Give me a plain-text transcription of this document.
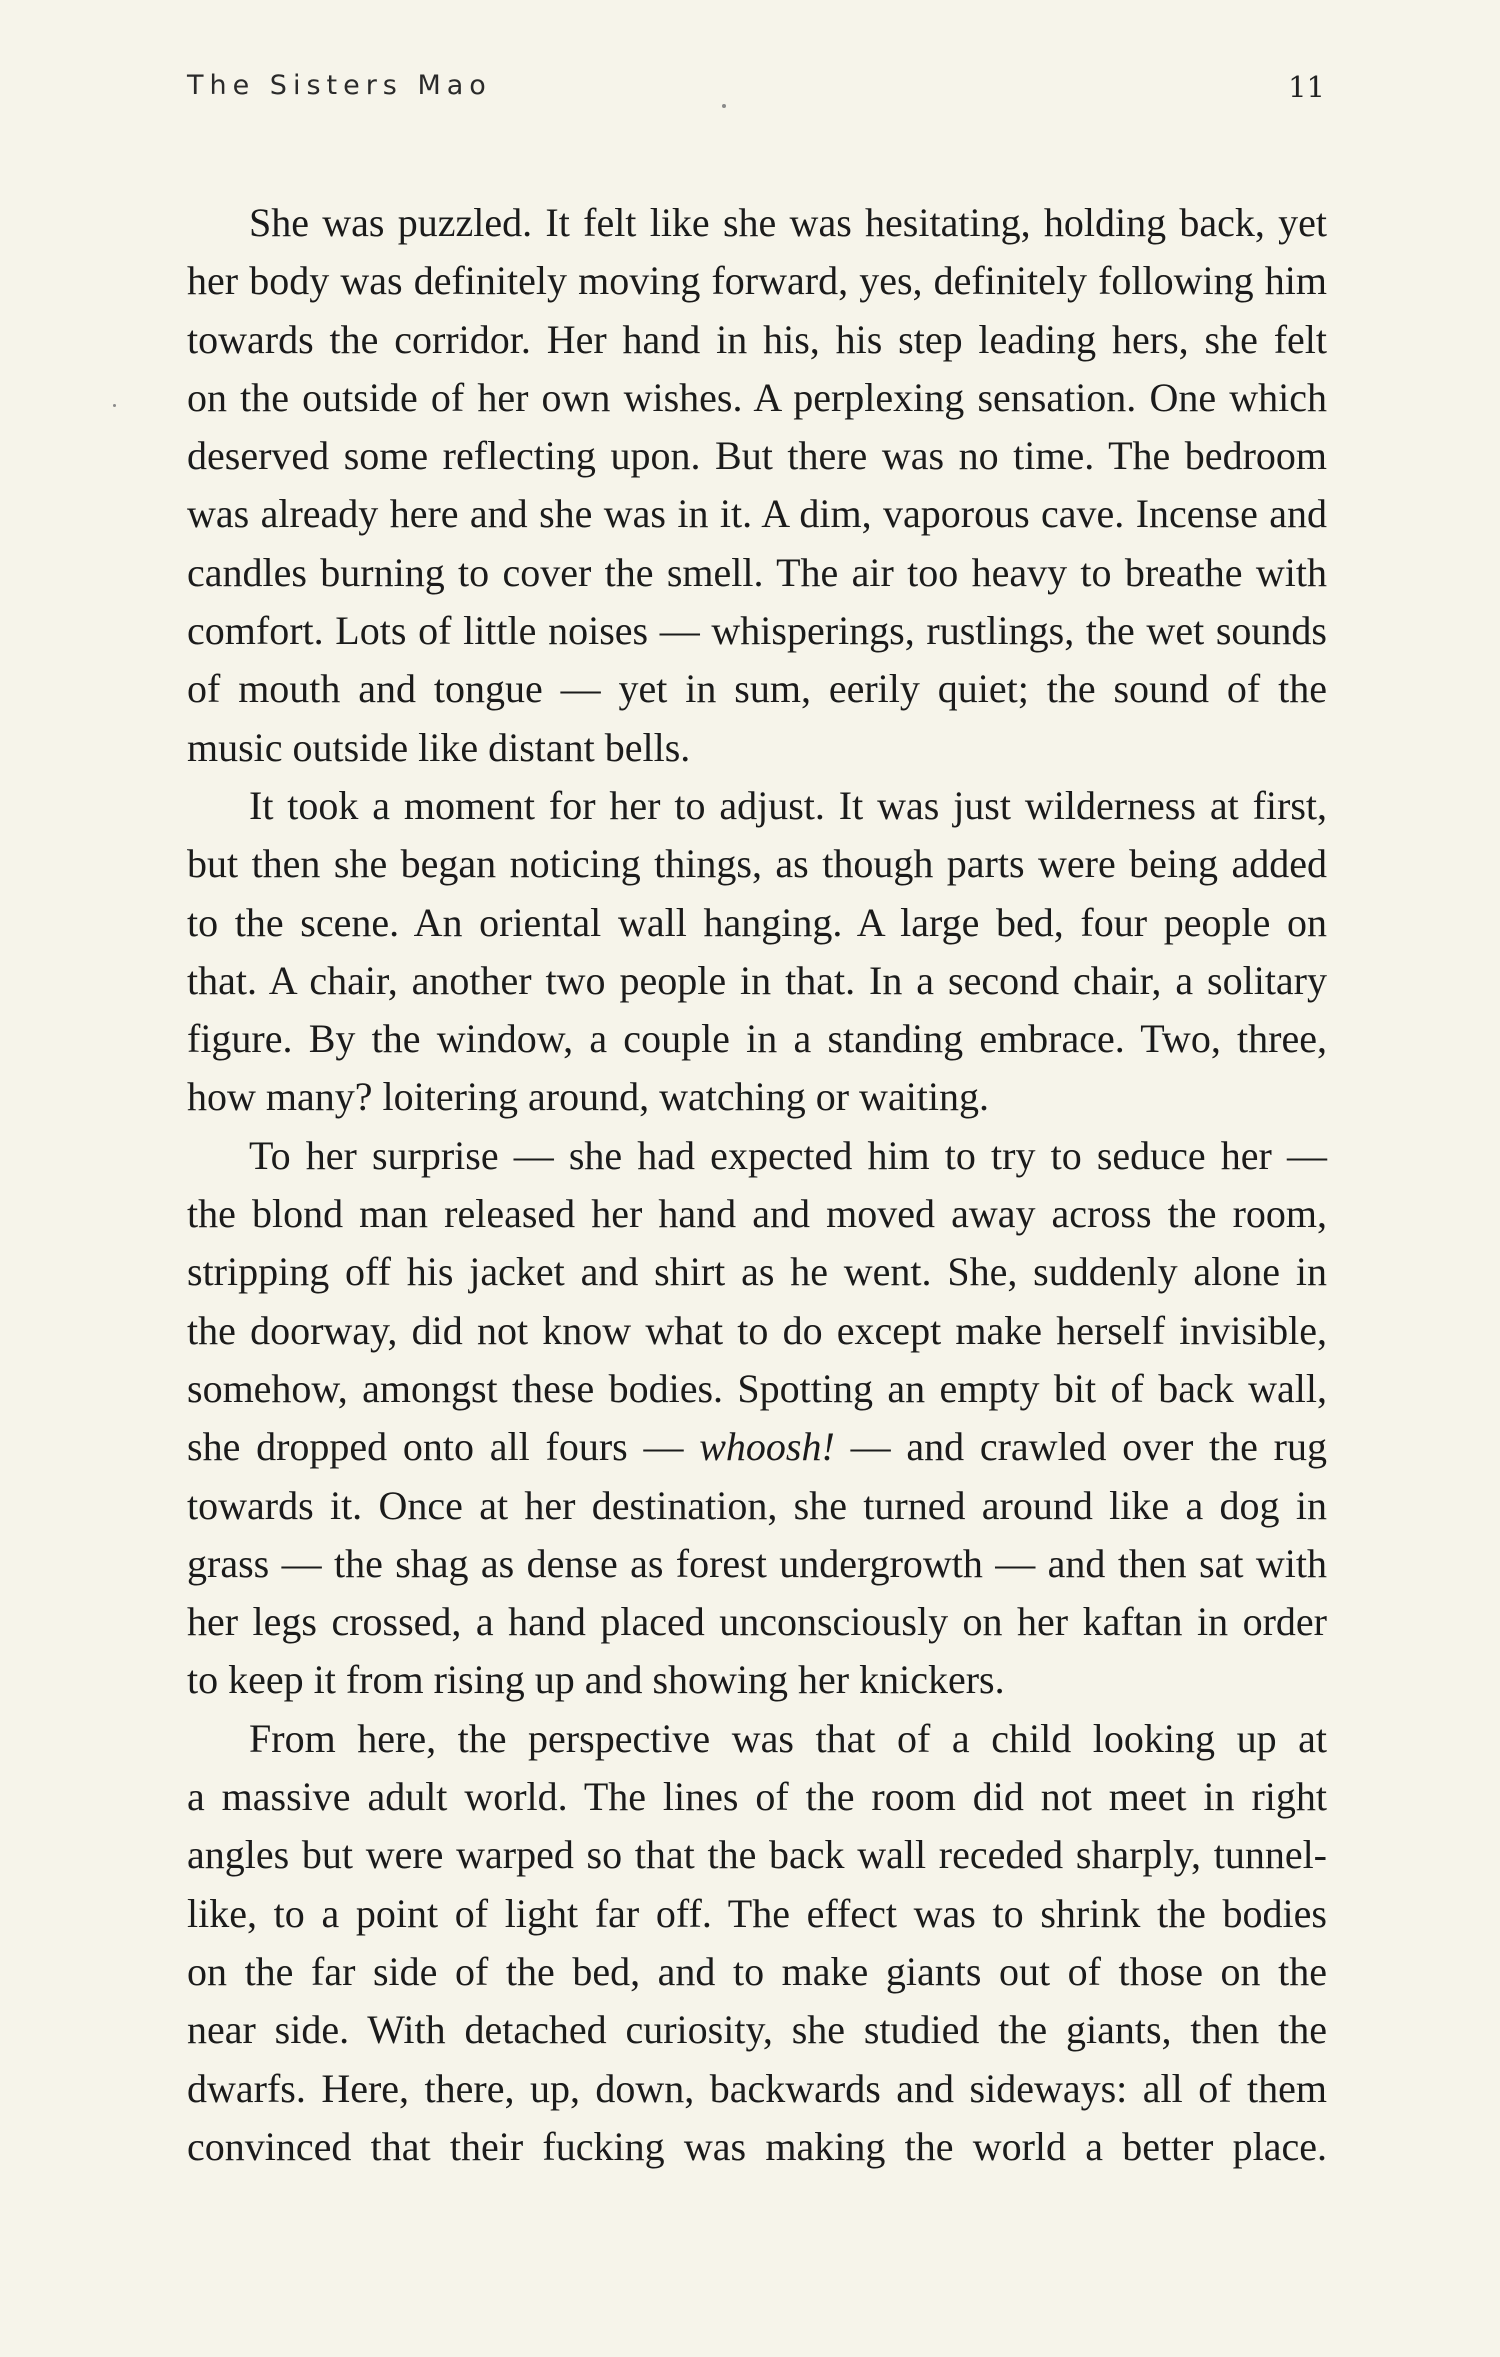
The Sisters Mao	11
She was puzzled. It felt like she was hesitating, holding back, yet
her body was definitely moving forward, yes, definitely following him
towards the corridor. Her hand in his, his step leading hers, she felt
on the outside of her own wishes. A perplexing sensation. One which
deserved some reflecting upon. But there was no time. The bedroom
was already here and she was in it. A dim, vaporous cave. Incense and
candles burning to cover the smell. The air too heavy to breathe with
comfort. Lots of little noises — whisperings, rustlings, the wet sounds
of mouth and tongue — yet in sum, eerily quiet; the sound of the
music outside like distant bells.
It took a moment for her to adjust. It was just wilderness at first,
but then she began noticing things, as though parts were being added
to the scene. An oriental wall hanging. A large bed, four people on
that. A chair, another two people in that. In a second chair, a solitary
figure. By the window, a couple in a standing embrace. Two, three,
how many? loitering around, watching or waiting.
To her surprise — she had expected him to try to seduce her —
the blond man released her hand and moved away across the room,
stripping off his jacket and shirt as he went. She, suddenly alone in
the doorway, did not know what to do except make herself invisible,
somehow, amongst these bodies. Spotting an empty bit of back wall,
she dropped onto all fours — whoosh! — and crawled over the rug
towards it. Once at her destination, she turned around like a dog in
grass — the shag as dense as forest undergrowth — and then sat with
her legs crossed, a hand placed unconsciously on her kaftan in order
to keep it from rising up and showing her knickers.
From here, the perspective was that of a child looking up at
a massive adult world. The lines of the room did not meet in right
angles but were warped so that the back wall receded sharply, tunnel-
like, to a point of light far off. The effect was to shrink the bodies
on the far side of the bed, and to make giants out of those on the
near side. With detached curiosity, she studied the giants, then the
dwarfs. Here, there, up, down, backwards and sideways: all of them
convinced that their fucking was making the world a better place.
